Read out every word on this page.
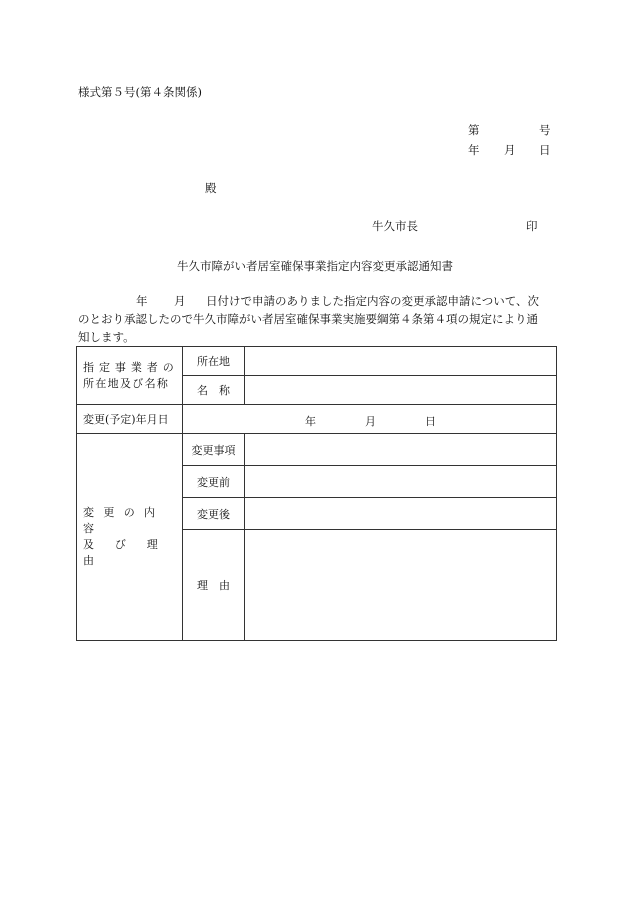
様式第５号(第４条関係)
第	号
年 月 日
殿
牛久市長	印
牛久市障がい者居室確保事業指定内容変更承認通知書
年 月 日付けで申請のありました指定内容の変更承認申請について、次
のとおり承認したので牛久市障がい者居室確保事業実施要綱第４条第４項の規定により通
知します。
指定事業者の
所在地及び名称	所在地	
	名　称	
変更(予定)年月日	年 月 日	

変更の内容
及び理由	変更事項	
	変更前	
	変更後	
	理　由	
